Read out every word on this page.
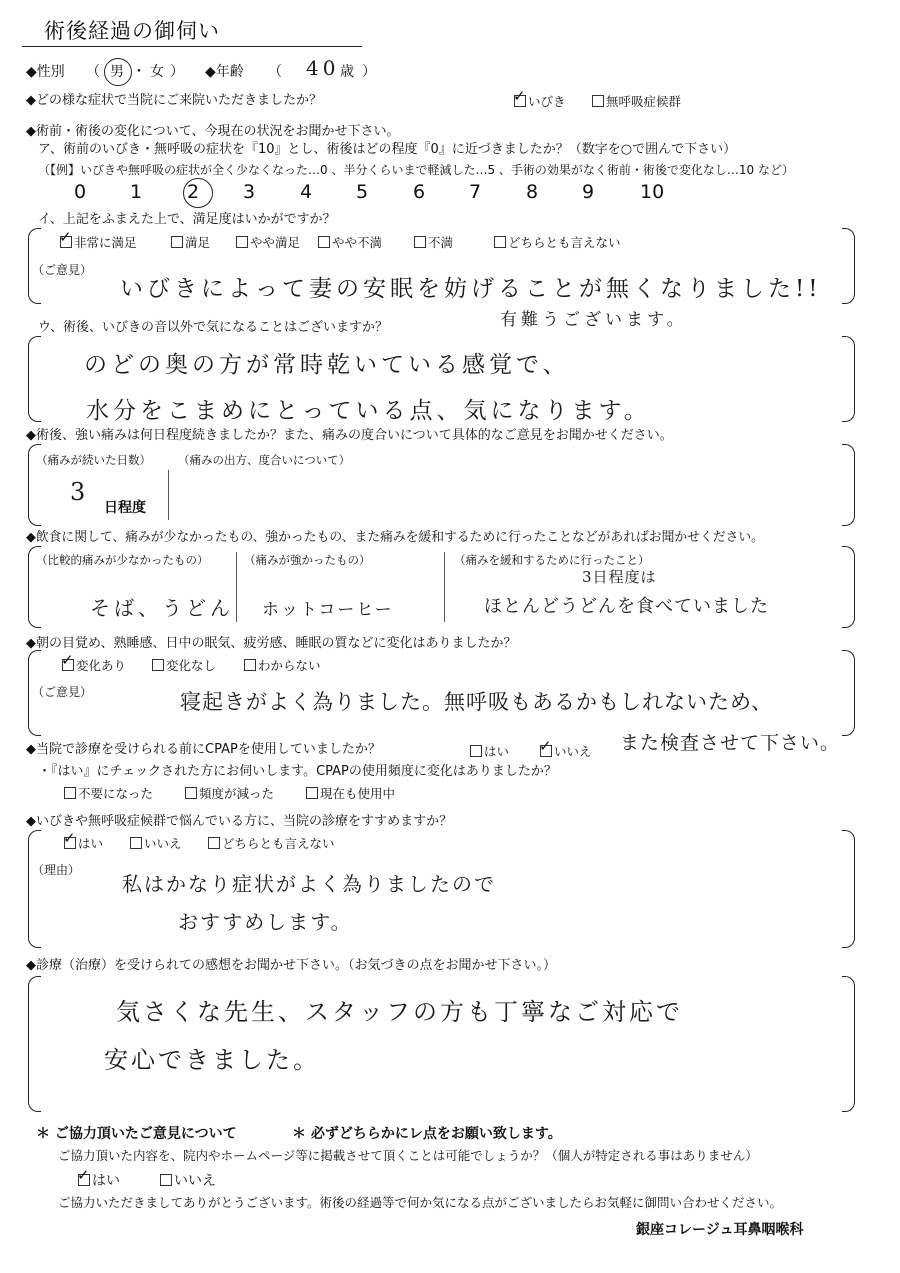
術後経過の御伺い
◆性別 （ 男 ・ 女 ） ◆年齢 （ 40 歳 ）
◆どの様な症状で当院にご来院いただきましたか？ ✓	いびき	無呼吸症候群
◆術前・術後の変化について、今現在の状況をお聞かせ下さい。
ア、術前のいびき・無呼吸の症状を『10』とし、術後はどの程度『0』に近づきましたか？（数字を○で囲んで下さい）
（【例】いびきや無呼吸の症状が全く少なくなった…0 、半分くらいまで軽減した…5 、手術の効果がなく術前・術後で変化なし…10 など）
0 1 2 3 4 5 6 7 8 9 10
イ、上記をふまえた上で、満足度はいかがですか？
✓非常に満足	満足	やや満足	やや不満	不満	どちらとも言えない
（ご意見）
いびきによって妻の安眠を妨げることが無くなりました!!
有難うございます。
ウ、術後、いびきの音以外で気になることはございますか？
のどの奥の方が常時乾いている感覚で、
水分をこまめにとっている点、気になります。
◆術後、強い痛みは何日程度続きましたか？また、痛みの度合いについて具体的なご意見をお聞かせください。
（痛みが続いた日数） （痛みの出方、度合いについて）
3
日程度
◆飲食に関して、痛みが少なかったもの、強かったもの、また痛みを緩和するために行ったことなどがあればお聞かせください。
（比較的痛みが少なかったもの）	（痛みが強かったもの）	（痛みを緩和するために行ったこと）
そば、うどん ホットコーヒー	ほとんどうどんを食べていました
3日程度は
◆朝の目覚め、熟睡感、日中の眠気、疲労感、睡眠の質などに変化はありましたか？
✓変化あり	変化なし	わからない
（ご意見）	寝起きがよく為りました。無呼吸もあるかもしれないため、
また検査させて下さい。
◆当院で診療を受けられる前にCPAPを使用していましたか？	はい ✓	いいえ
・『はい』にチェックされた方にお伺いします。CPAPの使用頻度に変化はありましたか？
不要になった	頻度が減った	現在も使用中
◆いびきや無呼吸症候群で悩んでいる方に、当院の診療をすすめますか？
✓はい	いいえ	どちらとも言えない
（理由）
私はかなり症状がよく為りましたので
おすすめします。
◆診療（治療）を受けられての感想をお聞かせ下さい。（お気づきの点をお聞かせ下さい。）
気さくな先生、スタッフの方も丁寧なご対応で
安心できました。
＊ ご協力頂いたご意見について	＊ 必ずどちらかにレ点をお願い致します。
ご協力頂いた内容を、院内やホームページ等に掲載させて頂くことは可能でしょうか？（個人が特定される事はありません）
✓はい	いいえ
ご協力いただきましてありがとうございます。術後の経過等で何か気になる点がございましたらお気軽に御問い合わせください。
銀座コレージュ耳鼻咽喉科
